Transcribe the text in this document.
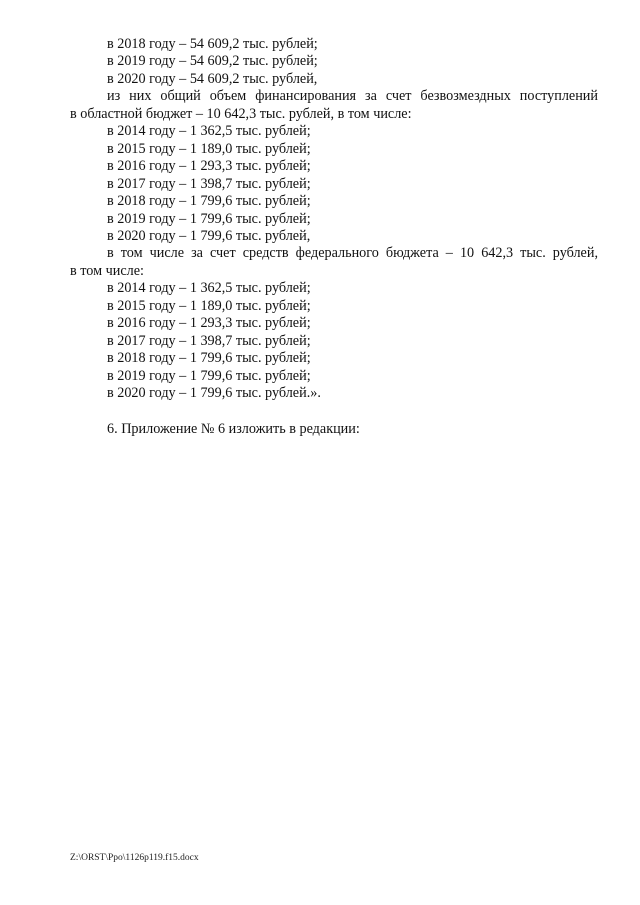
в 2018 году – 54 609,2 тыс. рублей;
в 2019 году – 54 609,2 тыс. рублей;
в 2020 году – 54 609,2 тыс. рублей,
из них общий объем финансирования за счет безвозмездных поступлений
в областной бюджет – 10 642,3 тыс. рублей, в том числе:
в 2014 году – 1 362,5 тыс. рублей;
в 2015 году – 1 189,0 тыс. рублей;
в 2016 году – 1 293,3 тыс. рублей;
в 2017 году – 1 398,7 тыс. рублей;
в 2018 году – 1 799,6 тыс. рублей;
в 2019 году – 1 799,6 тыс. рублей;
в 2020 году – 1 799,6 тыс. рублей,
в том числе за счет средств федерального бюджета – 10 642,3 тыс. рублей,
в том числе:
в 2014 году – 1 362,5 тыс. рублей;
в 2015 году – 1 189,0 тыс. рублей;
в 2016 году – 1 293,3 тыс. рублей;
в 2017 году – 1 398,7 тыс. рублей;
в 2018 году – 1 799,6 тыс. рублей;
в 2019 году – 1 799,6 тыс. рублей;
в 2020 году – 1 799,6 тыс. рублей.».
6. Приложение № 6 изложить в редакции:
Z:\ORST\Ppo\1126p119.f15.docx
